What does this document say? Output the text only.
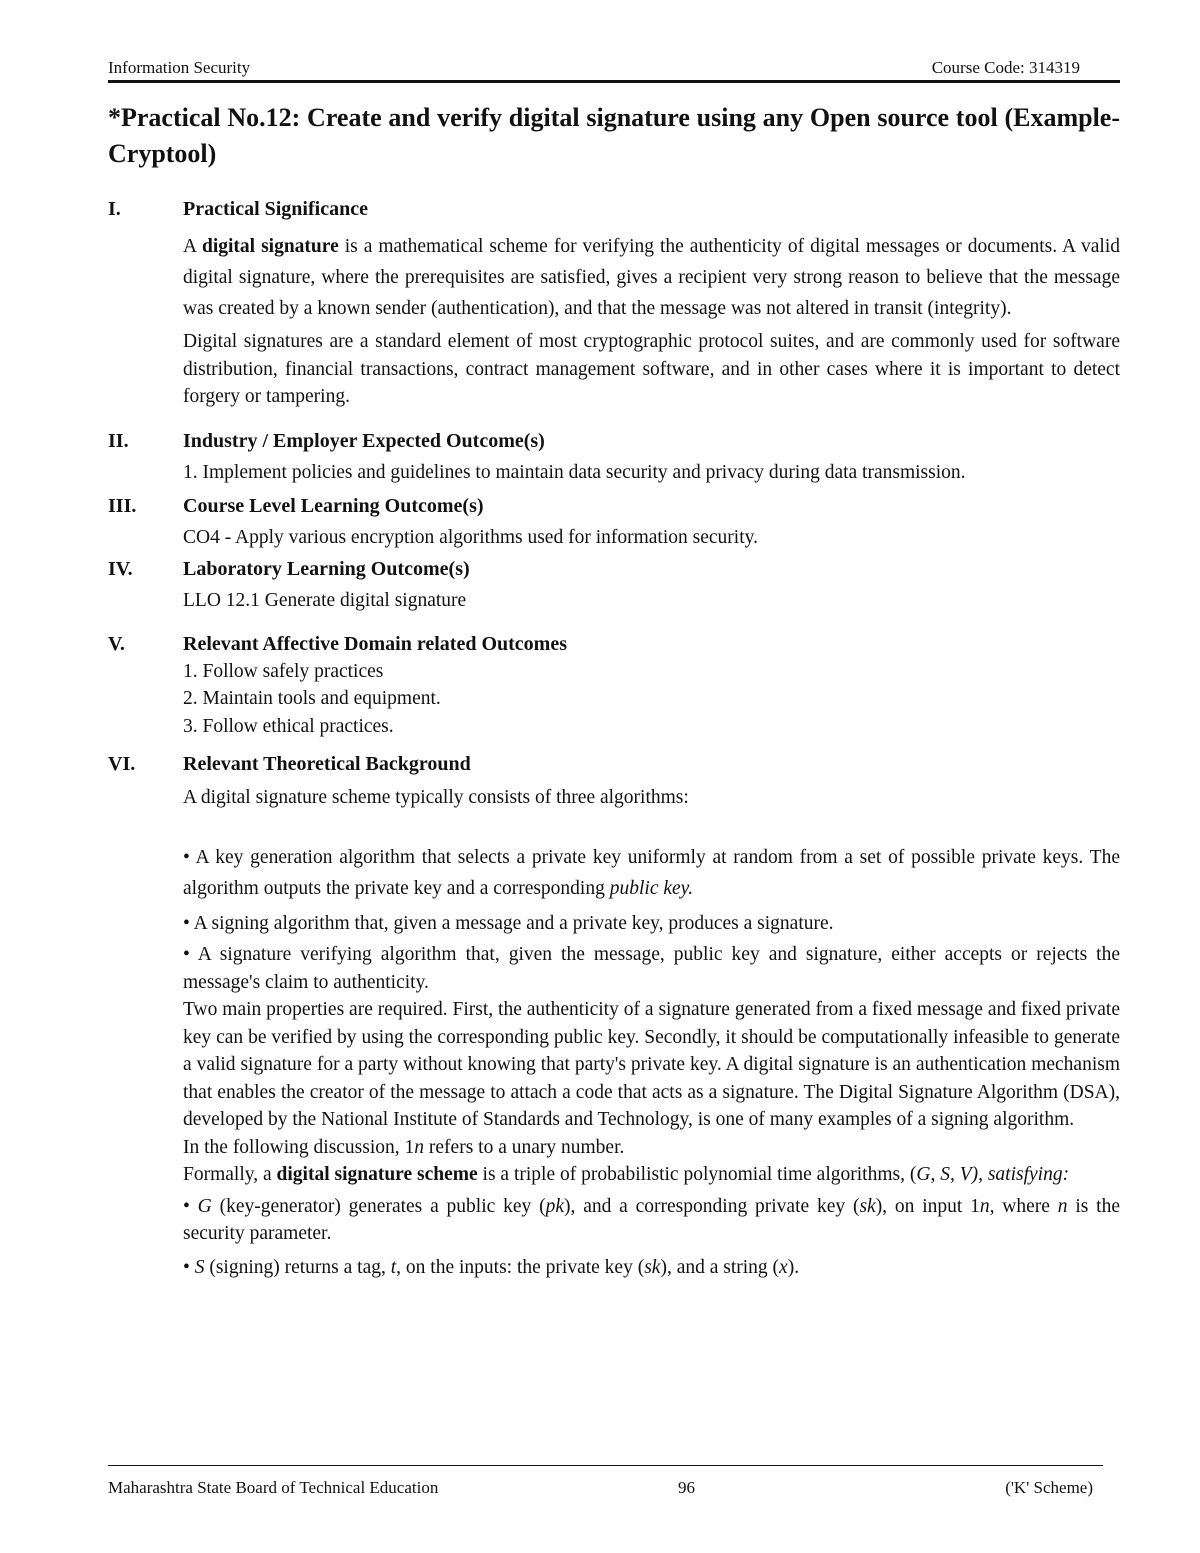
Information Security	Course Code: 314319
*Practical No.12: Create and verify digital signature using any Open source tool (Example- Cryptool)
I.	Practical Significance

A digital signature is a mathematical scheme for verifying the authenticity of digital messages or documents. A valid digital signature, where the prerequisites are satisfied, gives a recipient very strong reason to believe that the message was created by a known sender (authentication), and that the message was not altered in transit (integrity).

Digital signatures are a standard element of most cryptographic protocol suites, and are commonly used for software distribution, financial transactions, contract management software, and in other cases where it is important to detect forgery or tampering.

II.	Industry / Employer Expected Outcome(s)

1. Implement policies and guidelines to maintain data security and privacy during data transmission.

III.	Course Level Learning Outcome(s)

CO4 - Apply various encryption algorithms used for information security.

IV.	Laboratory Learning Outcome(s)

LLO 12.1 Generate digital signature

V.	Relevant Affective Domain related Outcomes

1. Follow safely practices

2. Maintain tools and equipment.

3. Follow ethical practices.

VI.	Relevant Theoretical Background

A digital signature scheme typically consists of three algorithms:

• A key generation algorithm that selects a private key uniformly at random from a set of possible private keys. The algorithm outputs the private key and a corresponding public key.

• A signing algorithm that, given a message and a private key, produces a signature.

• A signature verifying algorithm that, given the message, public key and signature, either accepts or rejects the message's claim to authenticity.

Two main properties are required. First, the authenticity of a signature generated from a fixed message and fixed private key can be verified by using the corresponding public key. Secondly, it should be computationally infeasible to generate a valid signature for a party without knowing that party's private key. A digital signature is an authentication mechanism that enables the creator of the message to attach a code that acts as a signature. The Digital Signature Algorithm (DSA), developed by the National Institute of Standards and Technology, is one of many examples of a signing algorithm.

In the following discussion, 1n refers to a unary number.

Formally, a digital signature scheme is a triple of probabilistic polynomial time algorithms, (G, S, V), satisfying:

• G (key-generator) generates a public key (pk), and a corresponding private key (sk), on input 1n, where n is the security parameter.

• S (signing) returns a tag, t, on the inputs: the private key (sk), and a string (x).

Maharashtra State Board of Technical Education	96	('K' Scheme)
